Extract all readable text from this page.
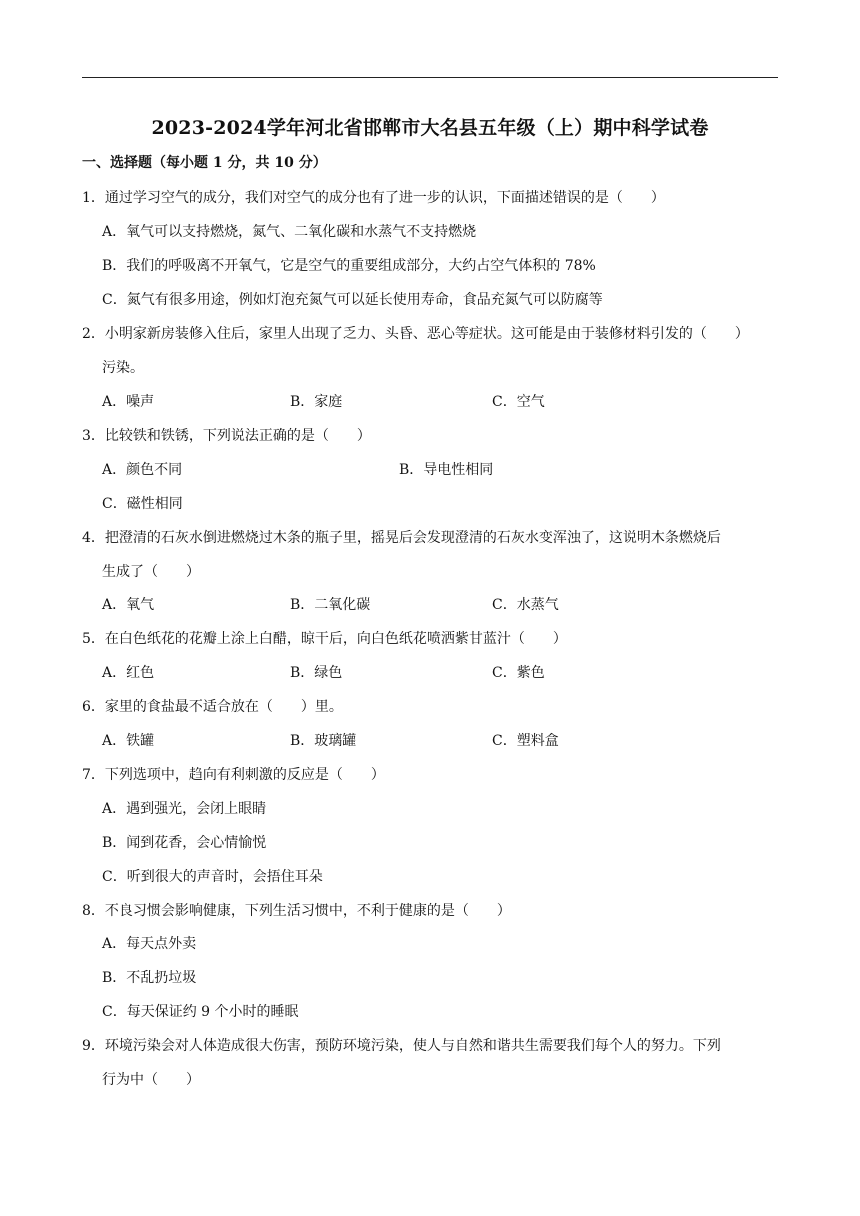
2023-2024学年河北省邯郸市大名县五年级（上）期中科学试卷
一、选择题（每小题 1 分，共 10 分）
1．通过学习空气的成分，我们对空气的成分也有了进一步的认识，下面描述错误的是（　　）
A．氧气可以支持燃烧，氮气、二氧化碳和水蒸气不支持燃烧
B．我们的呼吸离不开氧气，它是空气的重要组成部分，大约占空气体积的 78%
C．氮气有很多用途，例如灯泡充氮气可以延长使用寿命，食品充氮气可以防腐等
2．小明家新房装修入住后，家里人出现了乏力、头昏、恶心等症状。这可能是由于装修材料引发的（　　）
污染。
A．噪声	B．家庭	C．空气
3．比较铁和铁锈，下列说法正确的是（　　）
A．颜色不同	B．导电性相同
C．磁性相同
4．把澄清的石灰水倒进燃烧过木条的瓶子里，摇晃后会发现澄清的石灰水变浑浊了，这说明木条燃烧后
生成了（　　）
A．氧气	B．二氧化碳	C．水蒸气
5．在白色纸花的花瓣上涂上白醋，晾干后，向白色纸花喷洒紫甘蓝汁（　　）
A．红色	B．绿色	C．紫色
6．家里的食盐最不适合放在（　　）里。
A．铁罐	B．玻璃罐	C．塑料盒
7．下列选项中，趋向有利刺激的反应是（　　）
A．遇到强光，会闭上眼睛
B．闻到花香，会心情愉悦
C．听到很大的声音时，会捂住耳朵
8．不良习惯会影响健康，下列生活习惯中，不利于健康的是（　　）
A．每天点外卖
B．不乱扔垃圾
C．每天保证约 9 个小时的睡眠
9．环境污染会对人体造成很大伤害，预防环境污染，使人与自然和谐共生需要我们每个人的努力。下列
行为中（　　）
